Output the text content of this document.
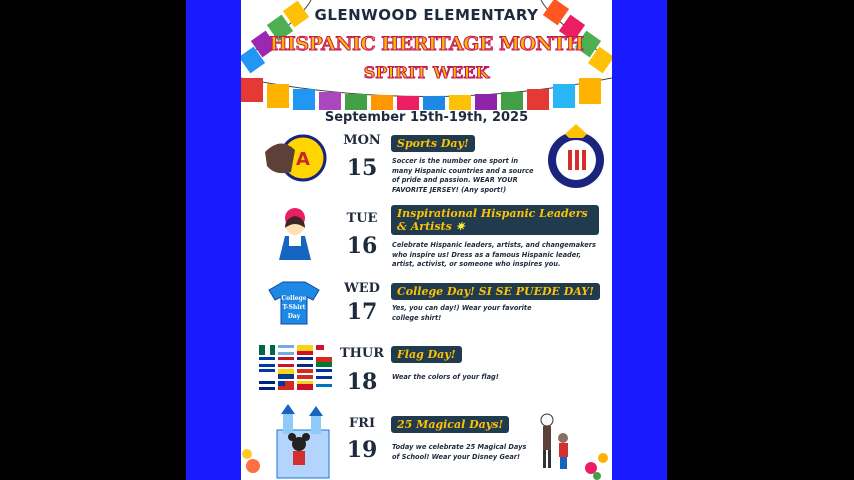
GLENWOOD ELEMENTARY
HISPANIC HERITAGE MONTH
SPIRIT WEEK
September 15th-19th, 2025
A
MON
15
Sports Day!
Soccer is the number one sport in many Hispanic countries and a source of pride and passion. WEAR YOUR FAVORITE JERSEY! (Any sport!)
TUE
16
Inspirational Hispanic Leaders & Artists ✷
Celebrate Hispanic leaders, artists, and changemakers who inspire us! Dress as a famous Hispanic leader, artist, activist, or someone who inspires you.
College T-Shirt Day
WED
17
College Day! SI SE PUEDE DAY!
Yes, you can day!) Wear your favorite college shirt!
THUR
18
Flag Day!
Wear the colors of your flag!
FRI
19
25 Magical Days!
Today we celebrate 25 Magical Days of School! Wear your Disney Gear!
